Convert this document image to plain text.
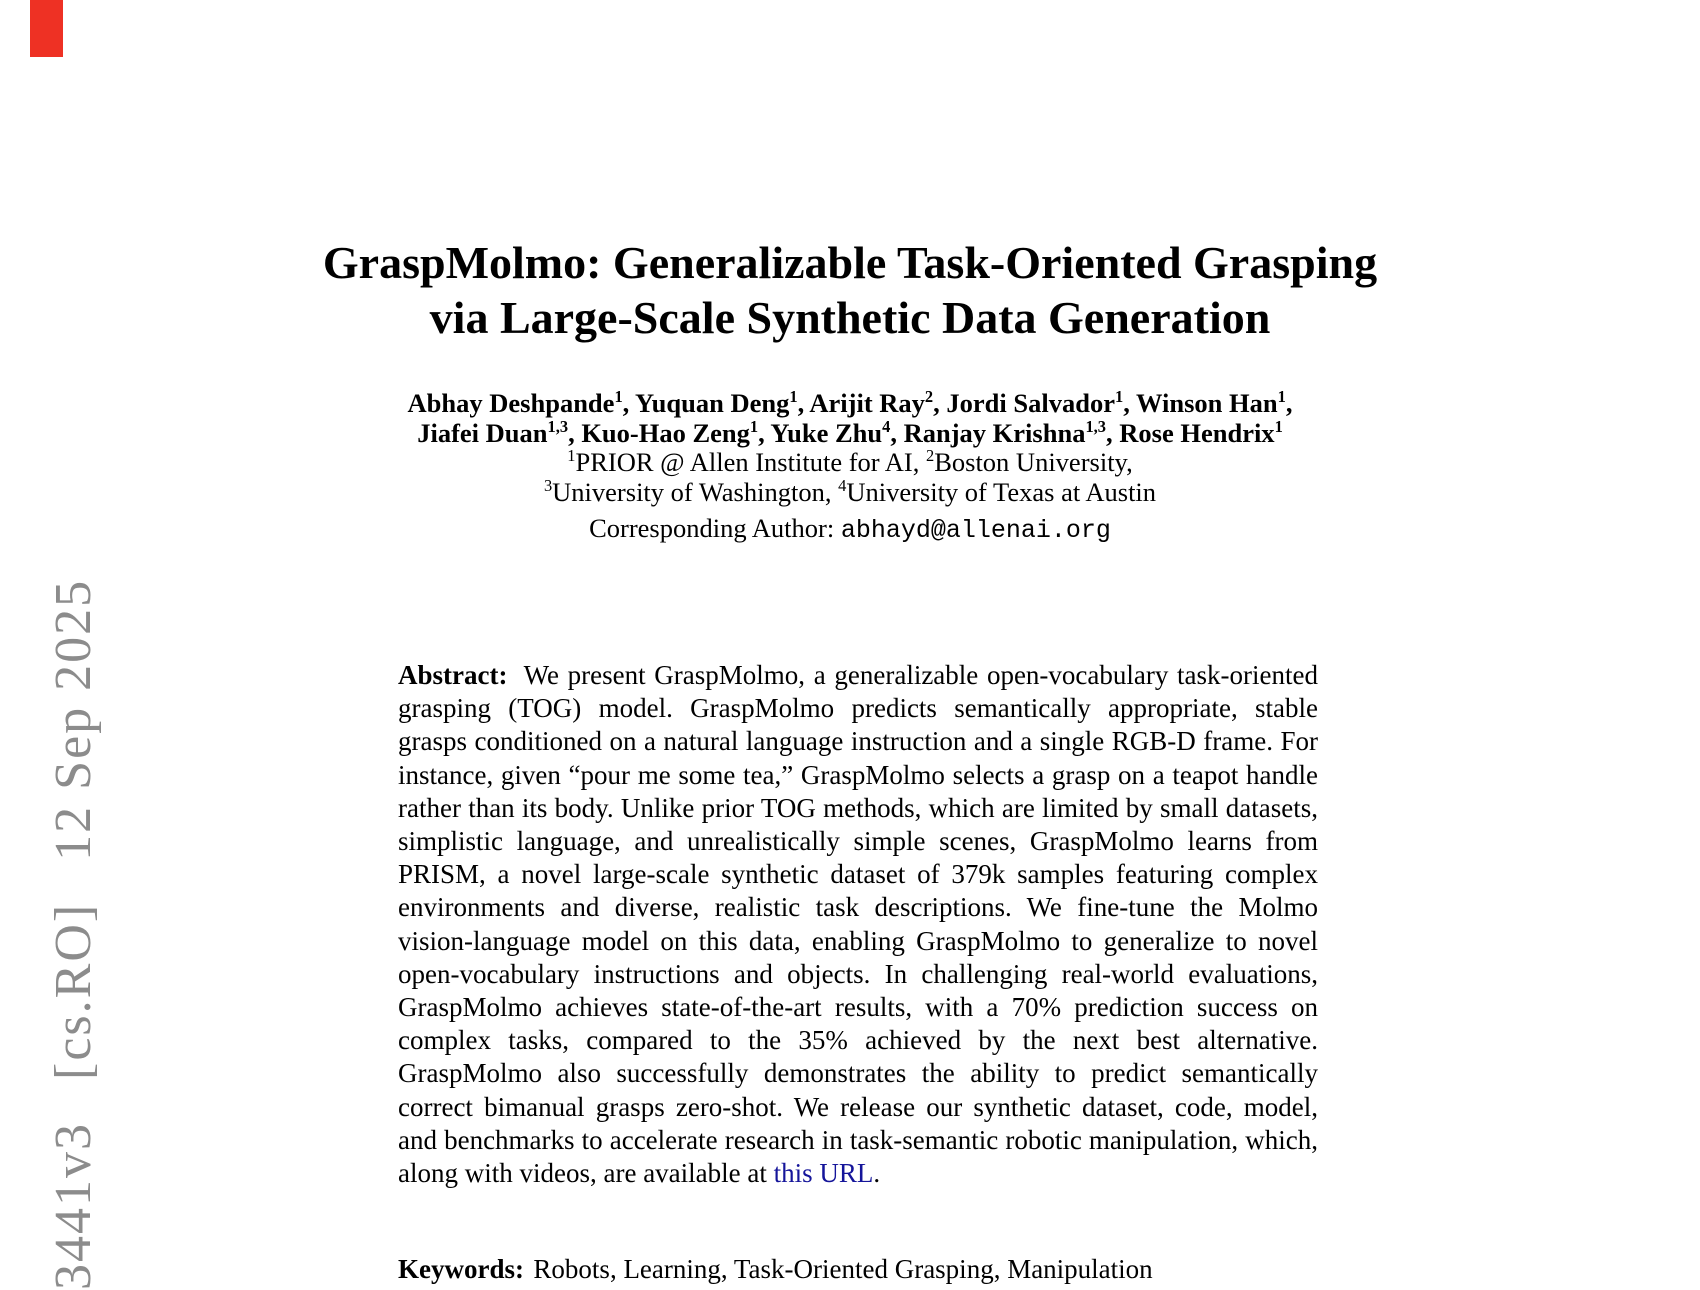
3441v3[cs.RO]12 Sep 2025
GraspMolmo: Generalizable Task-Oriented Grasping
via Large-Scale Synthetic Data Generation
Abhay Deshpande$^1$, Yuquan Deng$^1$, Arijit Ray$^2$, Jordi Salvador$^1$, Winson Han$^1$,
Jiafei Duan$^{1,3}$, Kuo-Hao Zeng$^1$, Yuke Zhu$^4$, Ranjay Krishna$^{1,3}$, Rose Hendrix$^1$
$^1$PRIOR @ Allen Institute for AI, $^2$Boston University,
$^3$University of Washington, $^4$University of Texas at Austin
Corresponding Author: abhayd@allenai.org
Abstract: We present GraspMolmo, a generalizable open-vocabulary task-oriented grasping (TOG) model. GraspMolmo predicts semantically appropriate, stable grasps conditioned on a natural language instruction and a single RGB-D frame. For instance, given “pour me some tea,” GraspMolmo selects a grasp on a teapot handle rather than its body. Unlike prior TOG methods, which are limited by small datasets, simplistic language, and unrealistically simple scenes, GraspMolmo learns from PRISM, a novel large-scale synthetic dataset of 379k samples featuring complex environments and diverse, realistic task descriptions. We fine-tune the Molmo vision-language model on this data, enabling GraspMolmo to generalize to novel open-vocabulary instructions and objects. In challenging real-world evaluations, GraspMolmo achieves state-of-the-art results, with a 70% prediction success on complex tasks, compared to the 35% achieved by the next best alternative. GraspMolmo also successfully demonstrates the ability to predict semantically correct bimanual grasps zero-shot. We release our synthetic dataset, code, model, and benchmarks to accelerate research in task-semantic robotic manipulation, which, along with videos, are available at this URL.
Keywords: Robots, Learning, Task-Oriented Grasping, Manipulation
